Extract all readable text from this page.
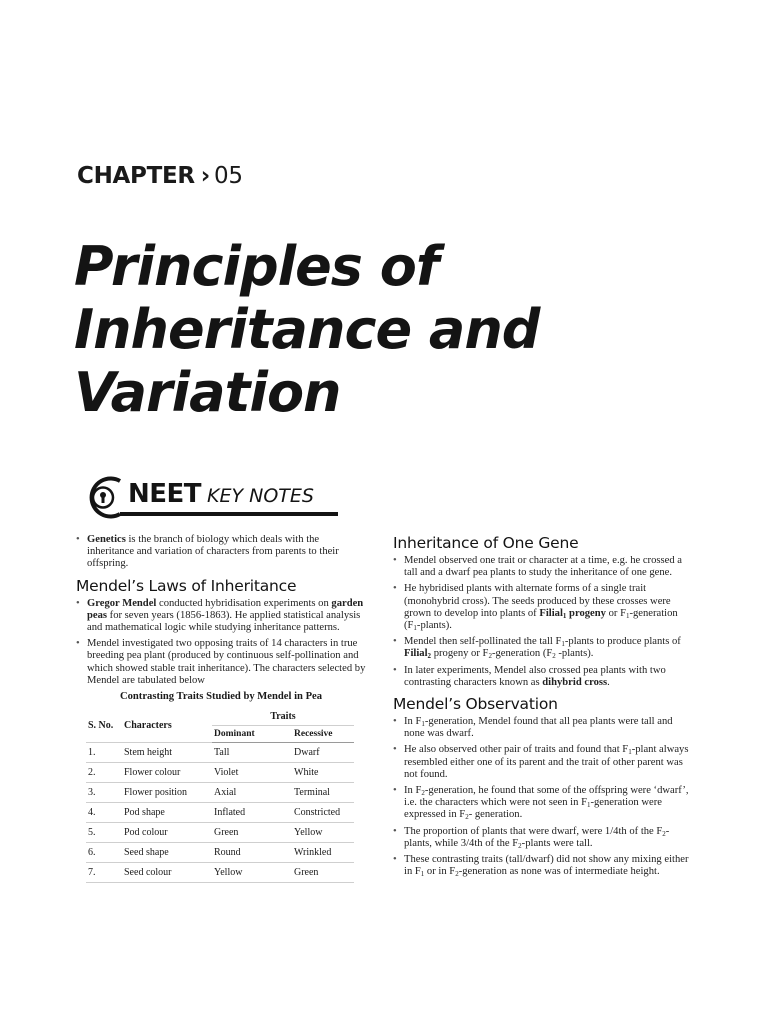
CHAPTER › 05
Principles of
Inheritance and
Variation
NEET KEY NOTES
• Genetics is the branch of biology which deals with the inheritance and variation of characters from parents to their offspring.
Mendel’s Laws of Inheritance
• Gregor Mendel conducted hybridisation experiments on garden peas for seven years (1856-1863). He applied statistical analysis and mathematical logic while studying inheritance patterns.
• Mendel investigated two opposing traits of 14 characters in true breeding pea plant (produced by continuous self-pollination and which showed stable trait inheritance). The characters selected by Mendel are tabulated below
Contrasting Traits Studied by Mendel in Pea
S. No.	Characters	Traits	
		Dominant	Recessive
1.	Stem height	Tall	Dwarf
2.	Flower colour	Violet	White
3.	Flower position	Axial	Terminal
4.	Pod shape	Inflated	Constricted
5.	Pod colour	Green	Yellow
6.	Seed shape	Round	Wrinkled
7.	Seed colour	Yellow	Green
Inheritance of One Gene
• Mendel observed one trait or character at a time, e.g. he crossed a tall and a dwarf pea plants to study the inheritance of one gene.
• He hybridised plants with alternate forms of a single trait (monohybrid cross). The seeds produced by these crosses were grown to develop into plants of Filial$_1$ progeny or $F_1$-generation $(F_1-plants)$.
• Mendel then self-pollinated the tall $F_1$-plants to produce plants of Filial$_2$ progeny or $F_2$-generation ($F_2$ -plants).
• In later experiments, Mendel also crossed pea plants with two contrasting characters known as dihybrid cross.
Mendel’s Observation
• In $F_1$-generation, Mendel found that all pea plants were tall and none was dwarf.
• He also observed other pair of traits and found that $F_1$-plant always resembled either one of its parent and the trait of other parent was not found.
• In $F_2$-generation, he found that some of the offspring were ‘dwarf’, i.e. the characters which were not seen in $F_1$-generation were expressed in $F_2-$ generation.
• The proportion of plants that were dwarf, were 1/4th of the $F_2$-plants, while 3/4th of the $F_2$-plants were tall.
• These contrasting traits (tall/dwarf) did not show any mixing either in $F_1$ or in $F_2$-generation as none was of intermediate height.
